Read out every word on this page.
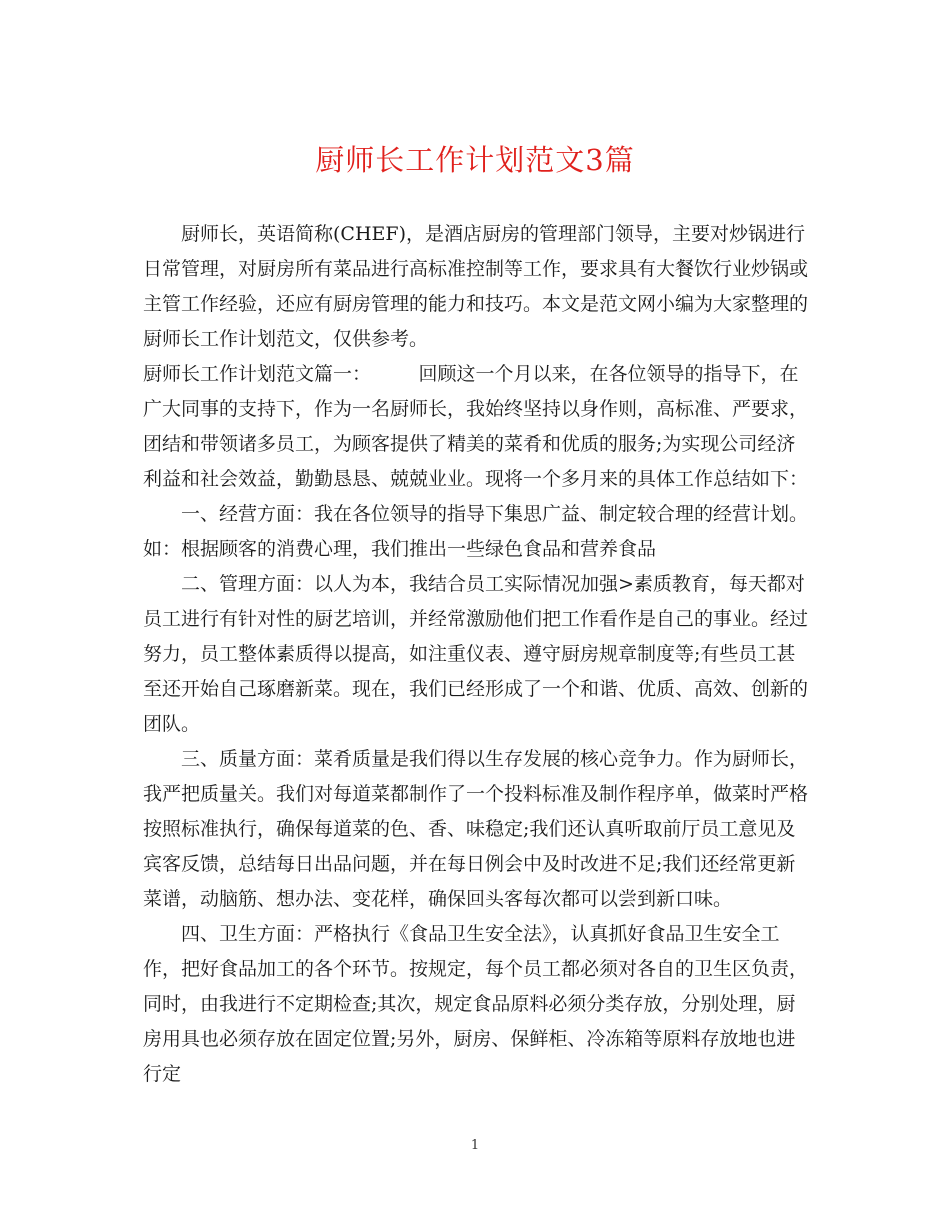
厨师长工作计划范文3篇

厨师长，英语简称(CHEF)，是酒店厨房的管理部门领导，主要对炒锅进行日常管理，对厨房所有菜品进行高标准控制等工作，要求具有大餐饮行业炒锅或主管工作经验，还应有厨房管理的能力和技巧。本文是范文网小编为大家整理的厨师长工作计划范文，仅供参考。

厨师长工作计划范文篇一：　　　回顾这一个月以来，在各位领导的指导下，在广大同事的支持下，作为一名厨师长，我始终坚持以身作则，高标准、严要求，团结和带领诸多员工，为顾客提供了精美的菜肴和优质的服务;为实现公司经济利益和社会效益，勤勤恳恳、兢兢业业。现将一个多月来的具体工作总结如下：

一、经营方面：我在各位领导的指导下集思广益、制定较合理的经营计划。如：根据顾客的消费心理，我们推出一些绿色食品和营养食品

二、管理方面：以人为本，我结合员工实际情况加强>素质教育，每天都对员工进行有针对性的厨艺培训，并经常激励他们把工作看作是自己的事业。经过努力，员工整体素质得以提高，如注重仪表、遵守厨房规章制度等;有些员工甚至还开始自己琢磨新菜。现在，我们已经形成了一个和谐、优质、高效、创新的团队。

三、质量方面：菜肴质量是我们得以生存发展的核心竞争力。作为厨师长，我严把质量关。我们对每道菜都制作了一个投料标准及制作程序单，做菜时严格按照标准执行，确保每道菜的色、香、味稳定;我们还认真听取前厅员工意见及宾客反馈，总结每日出品问题，并在每日例会中及时改进不足;我们还经常更新菜谱，动脑筋、想办法、变花样，确保回头客每次都可以尝到新口味。

四、卫生方面：严格执行《食品卫生安全法》，认真抓好食品卫生安全工作，把好食品加工的各个环节。按规定，每个员工都必须对各自的卫生区负责，同时，由我进行不定期检查;其次，规定食品原料必须分类存放，分别处理，厨房用具也必须存放在固定位置;另外，厨房、保鲜柜、冷冻箱等原料存放地也进行定

1
